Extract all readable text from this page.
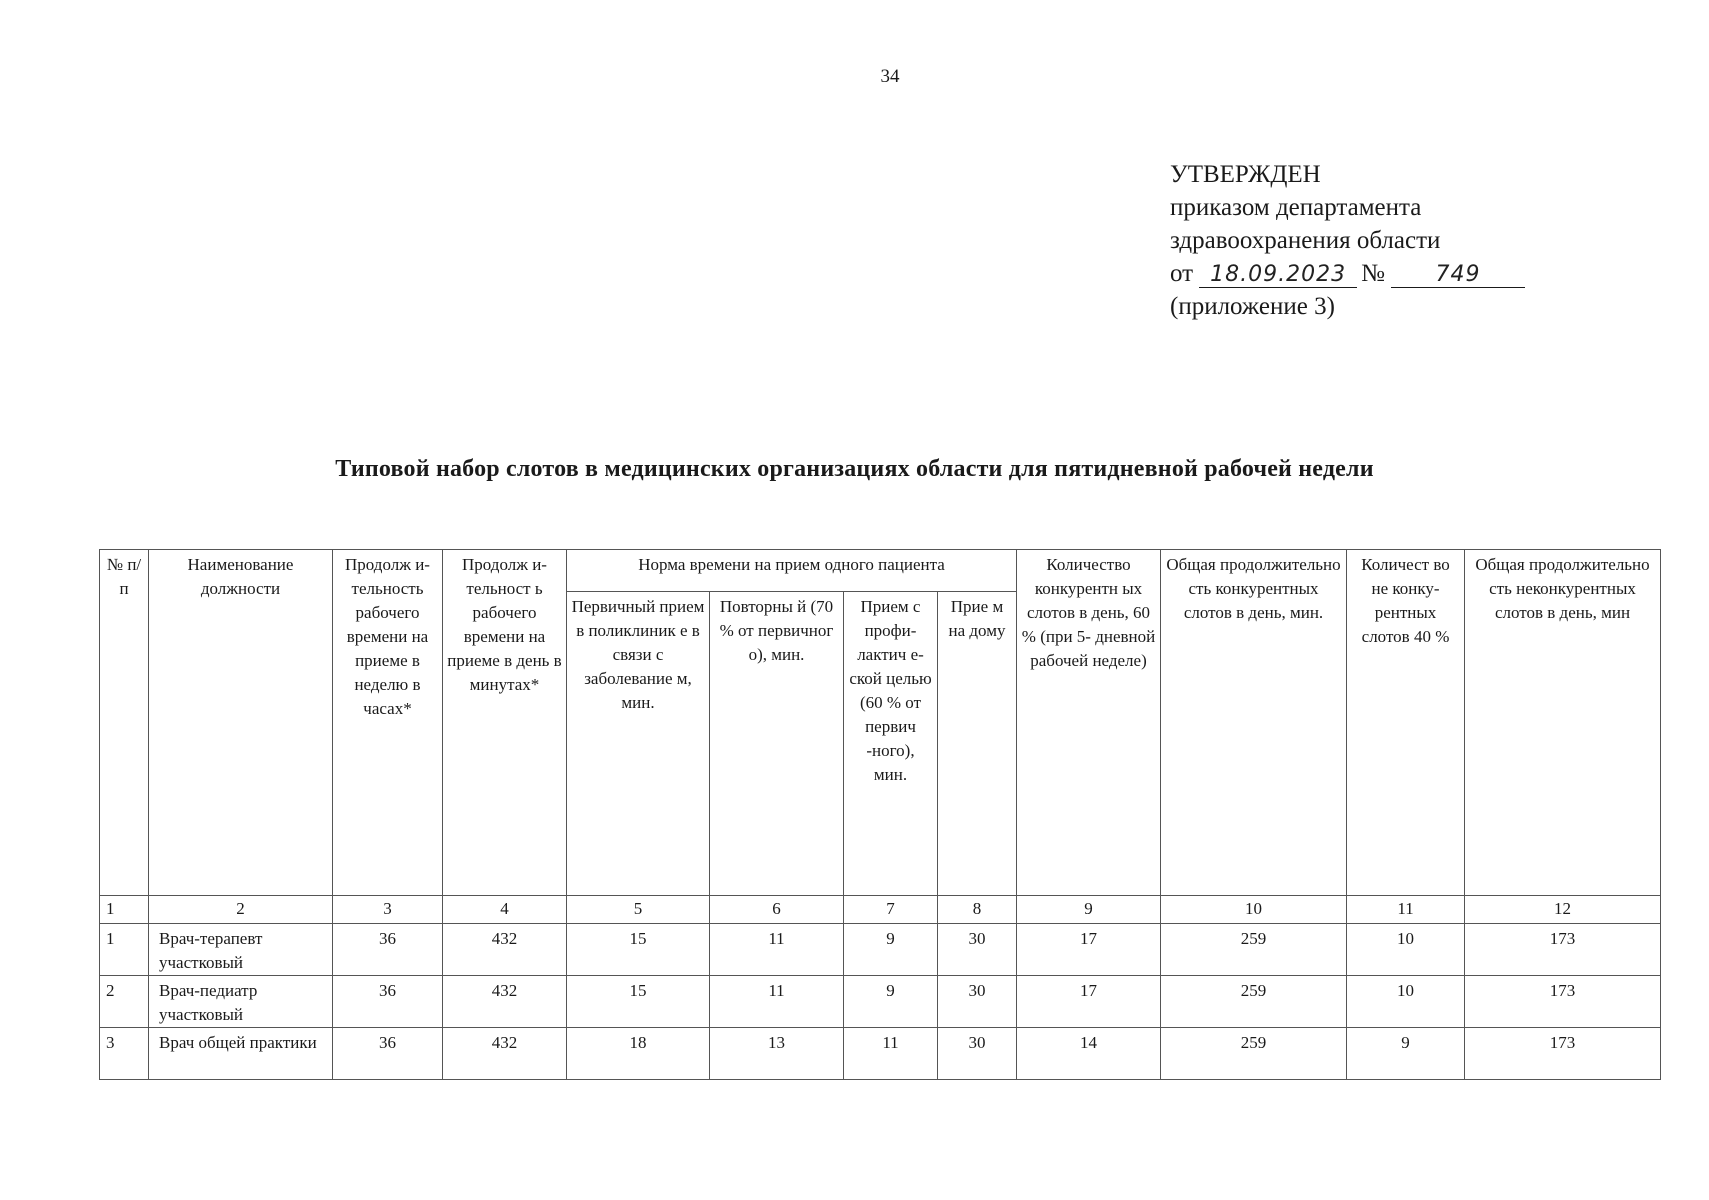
34
УТВЕРЖДЕН
приказом департамента
здравоохранения области
от 18.09.2023 № 749
(приложение 3)
Типовой набор слотов в медицинских организациях области для пятидневной рабочей недели
№ п/п	Наименование должности	Продолж и- тельность рабочего времени на приеме в неделю в часах*	Продолж и- тельност ь рабочего времени на приеме в день в минутах*	Норма времени на прием одного пациента				Количество конкурентн ых слотов в день, 60 % (при 5- дневной рабочей неделе)	Общая продолжительно сть конкурентных слотов в день, мин.	Количест во не конку- рентных слотов 40 %	Общая продолжительно сть неконкурентных слотов в день, мин
				Первичный прием в поликлиник е в связи с заболевание м, мин.	Повторны й (70 % от первичног о), мин.	Прием с профи- лактич е-ской целью (60 % от первич -ного), мин.	Прие м на дому				
1	2	3	4	5	6	7	8	9	10	11	12
1	Врач-терапевт участковый	36	432	15	11	9	30	17	259	10	173
2	Врач-педиатр участковый	36	432	15	11	9	30	17	259	10	173
3	Врач общей практики	36	432	18	13	11	30	14	259	9	173
